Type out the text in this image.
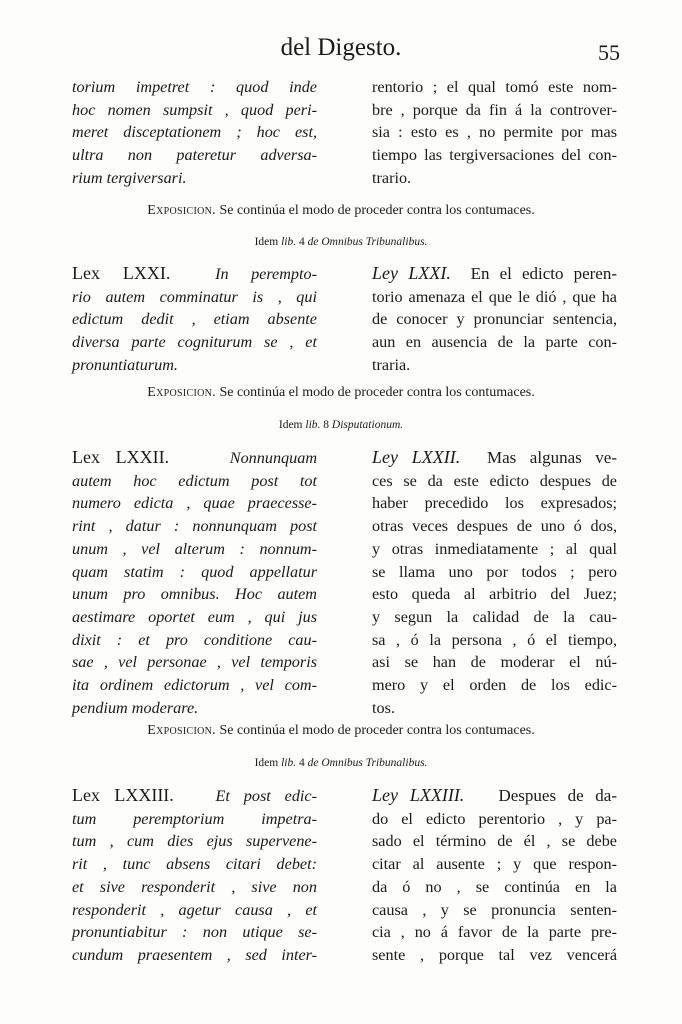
del Digesto.	55
torium impetret : quod inde
hoc nomen sumpsit , quod peri-
meret disceptationem ; hoc est,
ultra non pateretur adversa-
rium tergiversari.
rentorio ; el qual tomó este nom-
bre , porque da fin á la controver-
sia : esto es , no permite por mas
tiempo las tergiversaciones del con-
trario.
Exposicion. Se continúa el modo de proceder contra los contumaces.
Idem lib. 4 de Omnibus Tribunalibus.
Lex LXXI.	In perempto-
rio autem comminatur is , qui
edictum dedit , etiam absente
diversa parte cogniturum se , et
pronuntiaturum.
Ley LXXI. En el edicto peren-
torio amenaza el que le dió , que ha
de conocer y pronunciar sentencia,
aun en ausencia de la parte con-
traria.
Exposicion. Se continúa el modo de proceder contra los contumaces.
Idem lib. 8 Disputationum.
Lex LXXII.	Nonnunquam
autem hoc edictum post tot
numero edicta , quae praecesse-
rint , datur : nonnunquam post
unum , vel alterum : nonnum-
quam statim : quod appellatur
unum pro omnibus. Hoc autem
aestimare oportet eum , qui jus
dixit : et pro conditione cau-
sae , vel personae , vel temporis
ita ordinem edictorum , vel com-
pendium moderare.
Ley LXXII. Mas algunas ve-
ces se da este edicto despues de
haber precedido los expresados;
otras veces despues de uno ó dos,
y otras inmediatamente ; al qual
se llama uno por todos ; pero
esto queda al arbitrio del Juez;
y segun la calidad de la cau-
sa , ó la persona , ó el tiempo,
asi se han de moderar el nú-
mero y el orden de los edic-
tos.
Exposicion. Se continúa el modo de proceder contra los contumaces.
Idem lib. 4 de Omnibus Tribunalibus.
Lex LXXIII.	Et post edic-
tum peremptorium impetra-
tum , cum dies ejus supervene-
rit , tunc absens citari debet:
et sive responderit , sive non
responderit , agetur causa , et
pronuntiabitur : non utique se-
cundum praesentem , sed inter-
Ley LXXIII. Despues de da-
do el edicto perentorio , y pa-
sado el término de él , se debe
citar al ausente ; y que respon-
da ó no , se continúa en la
causa , y se pronuncia senten-
cia , no á favor de la parte pre-
sente , porque tal vez vencerá
